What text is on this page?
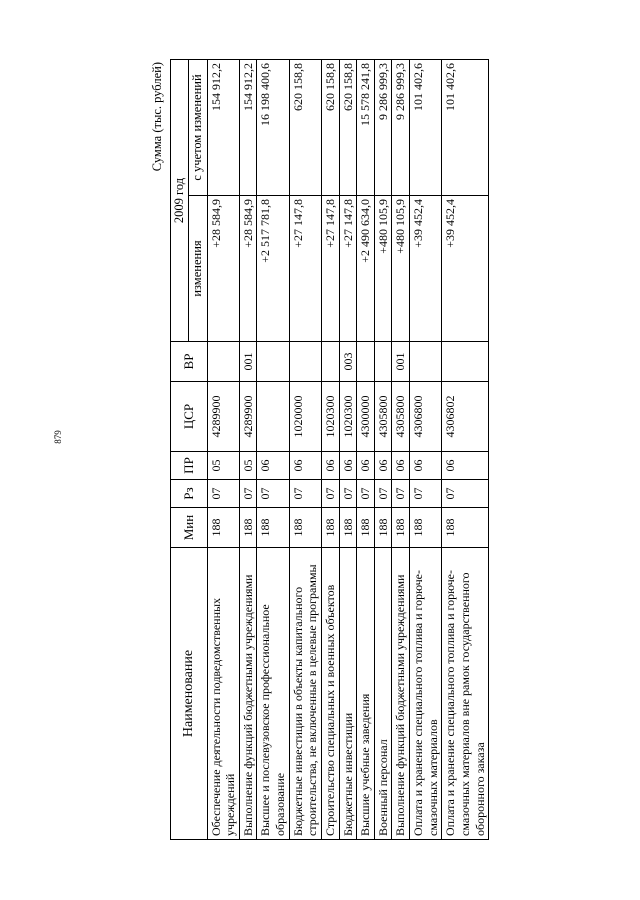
879
Сумма (тыс. рублей)
Наименование	Мин	Рз	ПР	ЦСР	ВР	2009 год	
						изменения	с учетом изменений
Обеспечение деятельности подведомственных учреждений	188	07	05	4289900		+28 584,9	154 912,2
Выполнение функций бюджетными учреждениями	188	07	05	4289900	001	+28 584,9	154 912,2
Высшее и послевузовское профессиональное образование	188	07	06			+2 517 781,8	16 198 400,6
Бюджетные инвестиции в объекты капитального строительства, не включенные в целевые программы	188	07	06	1020000		+27 147,8	620 158,8
Строительство специальных и военных объектов	188	07	06	1020300		+27 147,8	620 158,8
Бюджетные инвестиции	188	07	06	1020300	003	+27 147,8	620 158,8
Высшие учебные заведения	188	07	06	4300000		+2 490 634,0	15 578 241,8
Военный персонал	188	07	06	4305800		+480 105,9	9 286 999,3
Выполнение функций бюджетными учреждениями	188	07	06	4305800	001	+480 105,9	9 286 999,3
Оплата и хранение специального топлива и горюче-смазочных материалов	188	07	06	4306800		+39 452,4	101 402,6
Оплата и хранение специального топлива и горюче-смазочных материалов вне рамок государственного оборонного заказа	188	07	06	4306802		+39 452,4	101 402,6
